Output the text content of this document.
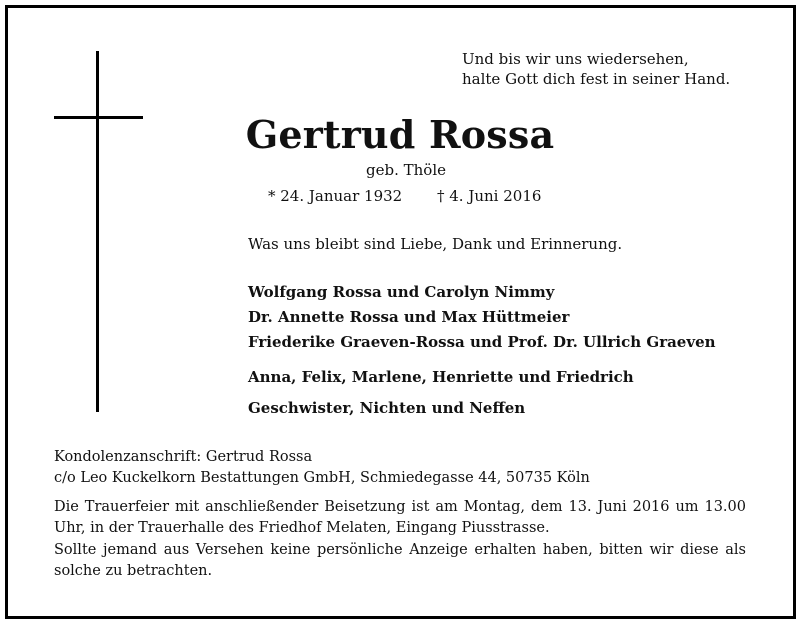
Und bis wir uns wiedersehen,
halte Gott dich fest in seiner Hand.
Gertrud Rossa
geb. Thöle
* 24. Januar 1932 † 4. Juni 2016
Was uns bleibt sind Liebe, Dank und Erinnerung.
Wolfgang Rossa und Carolyn Nimmy
Dr. Annette Rossa und Max Hüttmeier
Friederike Graeven-Rossa und Prof. Dr. Ullrich Graeven
Anna, Felix, Marlene, Henriette und Friedrich
Geschwister, Nichten und Neffen
Kondolenzanschrift: Gertrud Rossa
c/o Leo Kuckelkorn Bestattungen GmbH, Schmiedegasse 44, 50735 Köln
Die Trauerfeier mit anschließender Beisetzung ist am Montag, dem 13. Juni 2016 um 13.00 Uhr, in der Trauerhalle des Friedhof Melaten, Eingang Piusstrasse.
Sollte jemand aus Versehen keine persönliche Anzeige erhalten haben, bitten wir diese als solche zu betrachten.
